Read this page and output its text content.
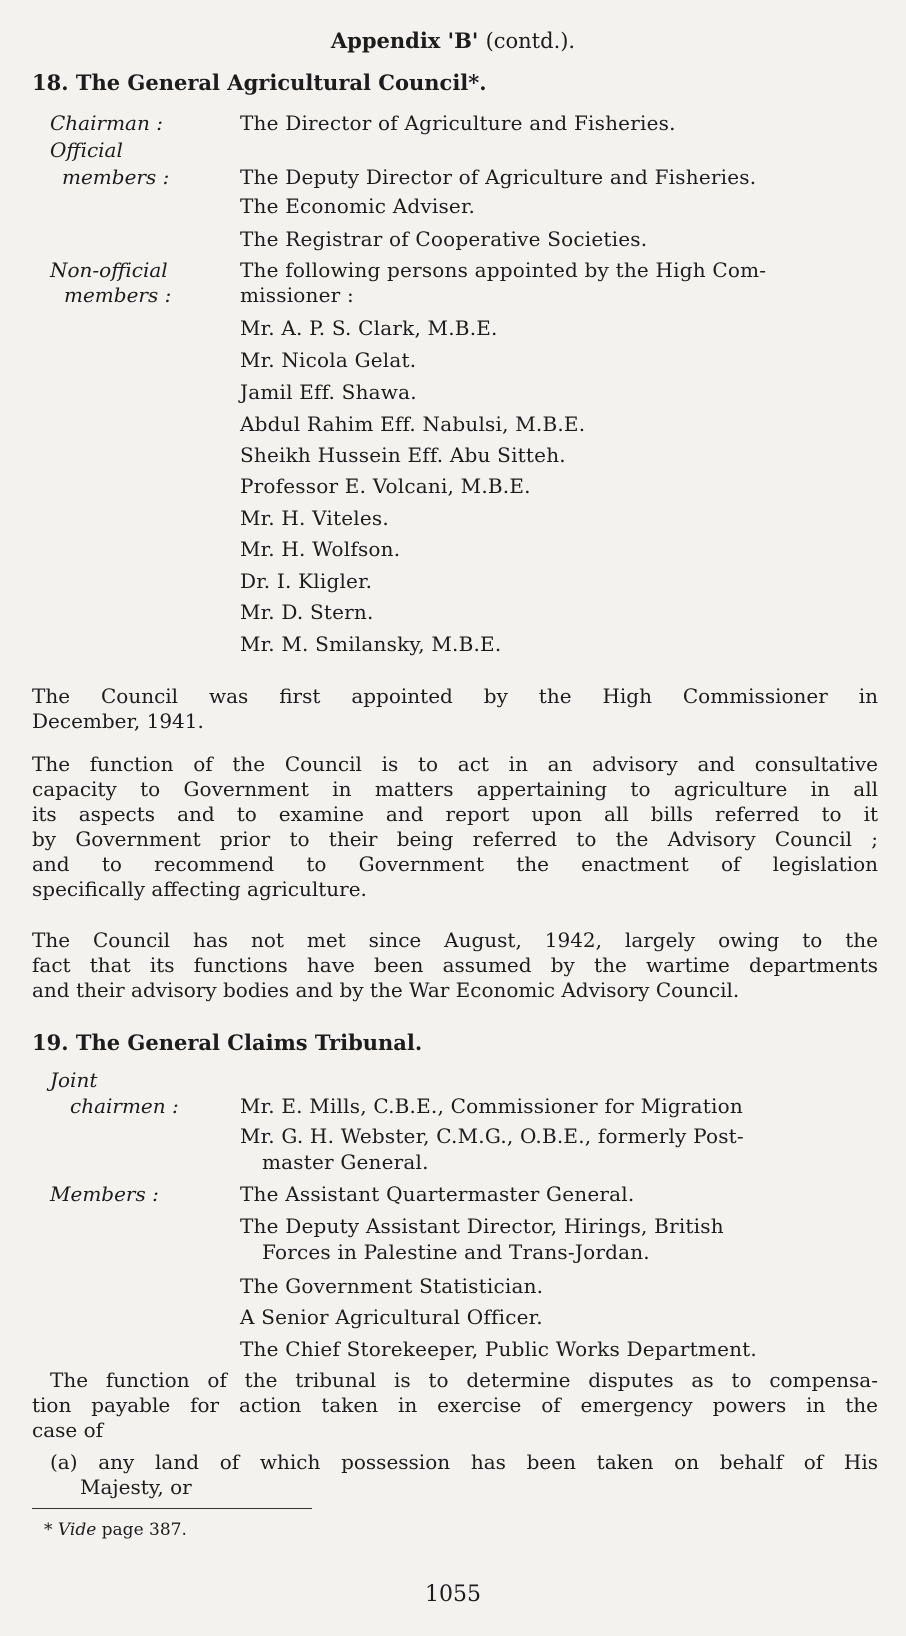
Appendix 'B' (contd.).
18. The General Agricultural Council*.
Chairman :	The Director of Agriculture and Fisheries.
Official
members :	The Deputy Director of Agriculture and Fisheries.
The Economic Adviser.
The Registrar of Cooperative Societies.
Non-official	The following persons appointed by the High Com-
members :	missioner :
Mr. A. P. S. Clark, M.B.E.
Mr. Nicola Gelat.
Jamil Eff. Shawa.
Abdul Rahim Eff. Nabulsi, M.B.E.
Sheikh Hussein Eff. Abu Sitteh.
Professor E. Volcani, M.B.E.
Mr. H. Viteles.
Mr. H. Wolfson.
Dr. I. Kligler.
Mr. D. Stern.
Mr. M. Smilansky, M.B.E.
The Council was first appointed by the High Commissioner in
December, 1941.
The function of the Council is to act in an advisory and consultative
capacity to Government in matters appertaining to agriculture in all
its aspects and to examine and report upon all bills referred to it
by Government prior to their being referred to the Advisory Council ;
and to recommend to Government the enactment of legislation
specifically affecting agriculture.
The Council has not met since August, 1942, largely owing to the
fact that its functions have been assumed by the wartime departments
and their advisory bodies and by the War Economic Advisory Council.
19. The General Claims Tribunal.
Joint
chairmen :	Mr. E. Mills, C.B.E., Commissioner for Migration
Mr. G. H. Webster, C.M.G., O.B.E., formerly Post-
master General.
Members :	The Assistant Quartermaster General.
The Deputy Assistant Director, Hirings, British
Forces in Palestine and Trans-Jordan.
The Government Statistician.
A Senior Agricultural Officer.
The Chief Storekeeper, Public Works Department.
The function of the tribunal is to determine disputes as to compensa-
tion payable for action taken in exercise of emergency powers in the
case of
(a) any land of which possession has been taken on behalf of His
Majesty, or
* Vide page 387.
1055
